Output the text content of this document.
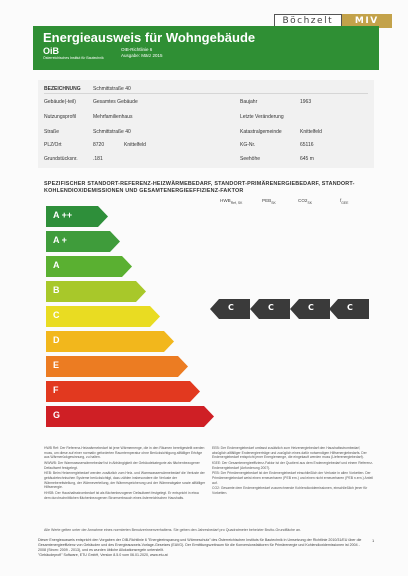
Böchzelt	MIV
Energieausweis für Wohngebäude
OiB
Österreichisches Institut für Bautechnik
OIB-Richtlinie 6
Ausgabe: März 2015
BEZEICHNUNG Schmittstraße 40
Gebäude(-teil)	Gesamtes Gebäude	Baujahr	1963
Nutzungsprofil	Mehrfamilienhaus	Letzte Veränderung
Straße	Schmittstraße 40	Katastralgemeinde	Knittelfeld
PLZ/Ort	8720	Knittelfeld	KG-Nr.	65116
Grundstücksnr.	.181	Seehöhe	645 m
SPEZIFISCHER STANDORT-REFERENZ-HEIZWÄRMEBEDARF, STANDORT-PRIMÄRENERGIEBEDARF, STANDORT-KOHLENDIOXIDEMISSIONEN UND GESAMTENERGIEEFFIZIENZ-FAKTOR
$HWB_{Ref, SK}$	$PEB_{SK}$	$CO2_{SK}$	$f_{GEE}$
A ++
A +
A
B
C
D
E
F
G
C	C	C	C

HWB Ref: Der Referenz-Heizwärmebedarf ist jene Wärmemenge, die in den Räumen bereitgestellt werden muss, um diese auf einer normativ geforderten Raumtemperatur ohne Berücksichtigung allfälliger Erträge aus Wärmerückgewinnung, zu halten.

WWWB: Der Warmwasserwärmebedarf ist in Abhängigkeit der Gebäudekategorie als flächenbezogener Defaultwert festgelegt.

HEB: Beim Heizenergiebedarf werden zusätzlich zum Heiz- und Warmwasserwärmebedarf die Verluste der gebäudetechnischen Systeme berücksichtigt, dazu zählen insbesondere die Verluste der Wärmebereitstellung, der Wärmeverteilung, der Wärmespeicherung und der Wärmeabgabe sowie allfälliger Hilfsenergie.

HHSB: Der Haushaltsstrombedarf ist als flächenbezogener Defaultwert festgelegt. Er entspricht in etwa dem durchschnittlichen flächenbezogenen Stromverbrauch eines österreichischen Haushalts.

EEB: Der Endenergiebedarf umfasst zusätzlich zum Heizenergiebedarf den Haushaltsstrombedarf, abzüglich allfälliger Endenergieerträge und zuzüglich eines dafür notwendigen Hilfsenergiebedarfs. Der Endenergiebedarf entspricht jener Energiemenge, die eingekauft werden muss (Lieferenergiebedarf).

fGEE: Der Gesamtenergieeffizienz-Faktor ist der Quotient aus dem Endenergiebedarf und einem Referenz-Endenergiebedarf (Anforderung 2007).

PEB: Der Primärenergiebedarf ist der Endenergiebedarf einschließlich der Verluste in allen Vorketten. Der Primärenergiebedarf weist einen erneuerbaren (PEB ern.) und einen nicht erneuerbaren (PEB n.ern.) Anteil auf.

CO2: Gesamte dem Endenergiebedarf zuzurechnende Kohlendioxidemissionen, einschließlich jener für Vorketten.

Alle Werte gelten unter der Annahme eines normierten Benutzerinnenverhaltens. Sie geben den Jahresbedarf pro Quadratmeter beheizter Brutto-Grundfläche an.
Dieser Energieausweis entspricht den Vorgaben der OIB-Richtlinie 6 "Energieeinsparung und Wärmeschutz" des Österreichischen Instituts für Bautechnik in Umsetzung der Richtlinie 2010/31/EU über die Gesamtenergieeffizienz von Gebäuden und des Energieausweis-Vorlage-Gesetzes (EAVG). Der Ermittlungszeitraum für die Konversionsfaktoren für Primärenergie und Kohlendioxidemissionen ist 2004 - 2008 (Strom: 2009 - 2013), und es wurden übliche Allokationsregeln unterstellt.
"GebäudeprofI" Software, ETU GmbH, Version 8.5.0 vom 06.01.2020, www.etu.at
1
